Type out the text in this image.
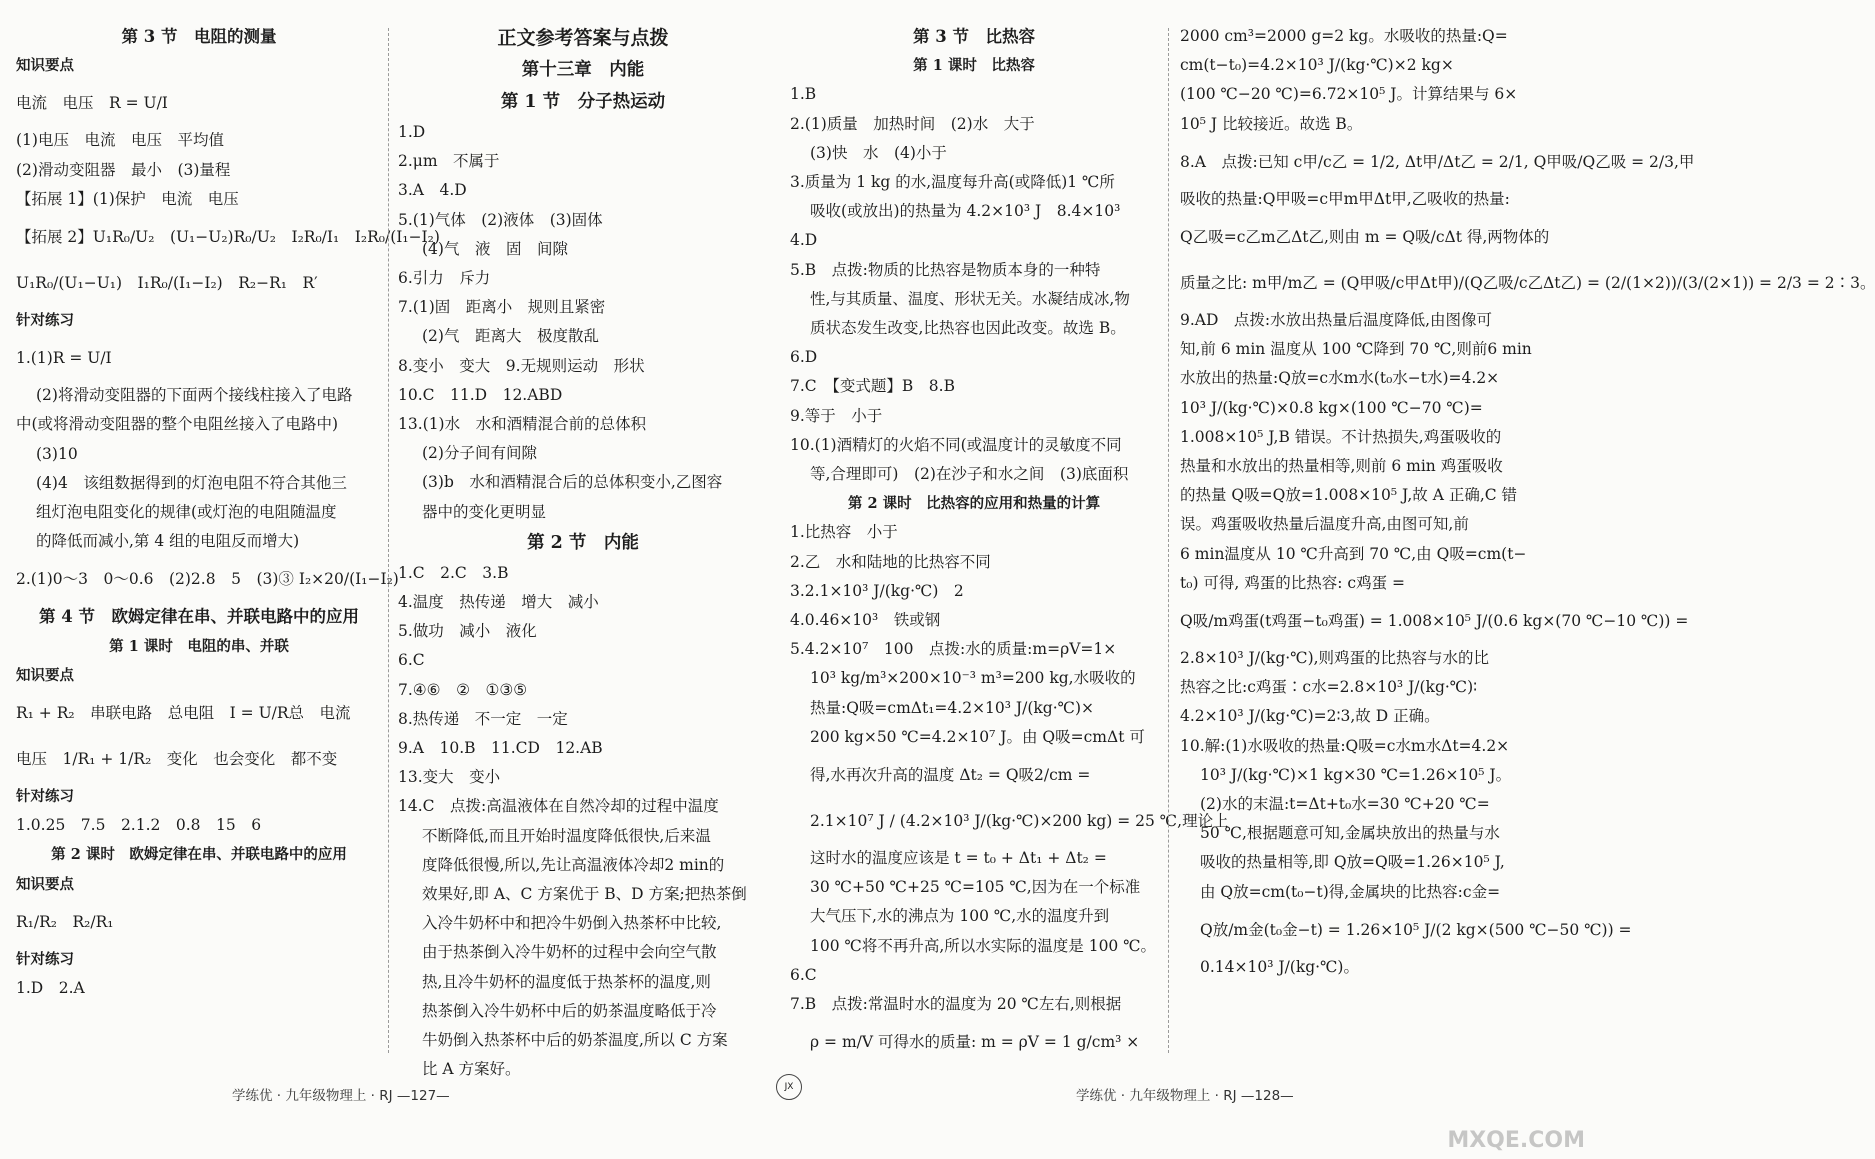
第 3 节　电阻的测量
知识要点
电流　电压　R = U/I
(1)电压　电流　电压　平均值
(2)滑动变阻器　最小　(3)量程
【拓展 1】(1)保护　电流　电压
【拓展 2】U₁R₀/U₂　(U₁−U₂)R₀/U₂　I₂R₀/I₁　I₂R₀/(I₁−I₂)
U₁R₀/(U₁−U₁)　I₁R₀/(I₁−I₂)　R₂−R₁　R′
针对练习
1.(1)R = U/I
(2)将滑动变阻器的下面两个接线柱接入了电路
中(或将滑动变阻器的整个电阻丝接入了电路中)
(3)10
(4)4　该组数据得到的灯泡电阻不符合其他三
组灯泡电阻变化的规律(或灯泡的电阻随温度
的降低而减小,第 4 组的电阻反而增大)
2.(1)0～3　0～0.6　(2)2.8　5　(3)③ I₂×20/(I₁−I₂)
第 4 节　欧姆定律在串、并联电路中的应用
第 1 课时　电阻的串、并联
知识要点
R₁ + R₂　串联电路　总电阻　I = U/R总　电流
电压　1/R₁ + 1/R₂　变化　也会变化　都不变
针对练习
1.0.25　7.5　2.1.2　0.8　15　6
第 2 课时　欧姆定律在串、并联电路中的应用
知识要点
R₁/R₂　R₂/R₁
针对练习
1.D　2.A
正文参考答案与点拨
第十三章　内能
第 1 节　分子热运动
1.D
2.μm　不属于
3.A　4.D
5.(1)气体　(2)液体　(3)固体
(4)气　液　固　间隙
6.引力　斥力
7.(1)固　距离小　规则且紧密
(2)气　距离大　极度散乱
8.变小　变大　9.无规则运动　形状
10.C　11.D　12.ABD
13.(1)水　水和酒精混合前的总体积
(2)分子间有间隙
(3)b　水和酒精混合后的总体积变小,乙图容
器中的变化更明显
第 2 节　内能
1.C　2.C　3.B
4.温度　热传递　增大　减小
5.做功　减小　液化
6.C
7.④⑥　②　①③⑤
8.热传递　不一定　一定
9.A　10.B　11.CD　12.AB
13.变大　变小
14.C　点拨:高温液体在自然冷却的过程中温度
不断降低,而且开始时温度降低很快,后来温
度降低很慢,所以,先让高温液体冷却2 min的
效果好,即 A、C 方案优于 B、D 方案;把热茶倒
入冷牛奶杯中和把冷牛奶倒入热茶杯中比较,
由于热茶倒入冷牛奶杯的过程中会向空气散
热,且冷牛奶杯的温度低于热茶杯的温度,则
热茶倒入冷牛奶杯中后的奶茶温度略低于冷
牛奶倒入热茶杯中后的奶茶温度,所以 C 方案
比 A 方案好。
第 3 节　比热容
第 1 课时　比热容
1.B
2.(1)质量　加热时间　(2)水　大于
(3)快　水　(4)小于
3.质量为 1 kg 的水,温度每升高(或降低)1 ℃所
吸收(或放出)的热量为 4.2×10³ J　8.4×10³
4.D
5.B　点拨:物质的比热容是物质本身的一种特
性,与其质量、温度、形状无关。水凝结成冰,物
质状态发生改变,比热容也因此改变。故选 B。
6.D
7.C　【变式题】B　8.B
9.等于　小于
10.(1)酒精灯的火焰不同(或温度计的灵敏度不同
等,合理即可)　(2)在沙子和水之间　(3)底面积
第 2 课时　比热容的应用和热量的计算
1.比热容　小于
2.乙　水和陆地的比热容不同
3.2.1×10³ J/(kg·℃)　2
4.0.46×10³　铁或钢
5.4.2×10⁷　100　点拨:水的质量:m=ρV=1×
10³ kg/m³×200×10⁻³ m³=200 kg,水吸收的
热量:Q吸=cmΔt₁=4.2×10³ J/(kg·℃)×
200 kg×50 ℃=4.2×10⁷ J。由 Q吸=cmΔt 可
得,水再次升高的温度 Δt₂ = Q吸2/cm =
2.1×10⁷ J / (4.2×10³ J/(kg·℃)×200 kg) = 25 ℃,理论上
这时水的温度应该是 t = t₀ + Δt₁ + Δt₂ =
30 ℃+50 ℃+25 ℃=105 ℃,因为在一个标准
大气压下,水的沸点为 100 ℃,水的温度升到
100 ℃将不再升高,所以水实际的温度是 100 ℃。
6.C
7.B　点拨:常温时水的温度为 20 ℃左右,则根据
ρ = m/V 可得水的质量: m = ρV = 1 g/cm³ ×
2000 cm³=2000 g=2 kg。水吸收的热量:Q=
cm(t−t₀)=4.2×10³ J/(kg·℃)×2 kg×
(100 ℃−20 ℃)=6.72×10⁵ J。计算结果与 6×
10⁵ J 比较接近。故选 B。
8.A　点拨:已知 c甲/c乙 = 1/2, Δt甲/Δt乙 = 2/1, Q甲吸/Q乙吸 = 2/3,甲
吸收的热量:Q甲吸=c甲m甲Δt甲,乙吸收的热量:
Q乙吸=c乙m乙Δt乙,则由 m = Q吸/cΔt 得,两物体的
质量之比: m甲/m乙 = (Q甲吸/c甲Δt甲)/(Q乙吸/c乙Δt乙) = (2/(1×2))/(3/(2×1)) = 2/3 = 2∶3。
9.AD　点拨:水放出热量后温度降低,由图像可
知,前 6 min 温度从 100 ℃降到 70 ℃,则前6 min
水放出的热量:Q放=c水m水(t₀水−t水)=4.2×
10³ J/(kg·℃)×0.8 kg×(100 ℃−70 ℃)=
1.008×10⁵ J,B 错误。不计热损失,鸡蛋吸收的
热量和水放出的热量相等,则前 6 min 鸡蛋吸收
的热量 Q吸=Q放=1.008×10⁵ J,故 A 正确,C 错
误。鸡蛋吸收热量后温度升高,由图可知,前
6 min温度从 10 ℃升高到 70 ℃,由 Q吸=cm(t−
t₀) 可得, 鸡蛋的比热容: c鸡蛋 =
Q吸/m鸡蛋(t鸡蛋−t₀鸡蛋) = 1.008×10⁵ J/(0.6 kg×(70 ℃−10 ℃)) =
2.8×10³ J/(kg·℃),则鸡蛋的比热容与水的比
热容之比:c鸡蛋∶c水=2.8×10³ J/(kg·℃)∶
4.2×10³ J/(kg·℃)=2∶3,故 D 正确。
10.解:(1)水吸收的热量:Q吸=c水m水Δt=4.2×
10³ J/(kg·℃)×1 kg×30 ℃=1.26×10⁵ J。
(2)水的末温:t=Δt+t₀水=30 ℃+20 ℃=
50 ℃,根据题意可知,金属块放出的热量与水
吸收的热量相等,即 Q放=Q吸=1.26×10⁵ J,
由 Q放=cm(t₀−t)得,金属块的比热容:c金=
Q放/m金(t₀金−t) = 1.26×10⁵ J/(2 kg×(500 ℃−50 ℃)) =
0.14×10³ J/(kg·℃)。
学练优 · 九年级物理上 · RJ —127—
JX
学练优 · 九年级物理上 · RJ —128—
MXQE.COM
